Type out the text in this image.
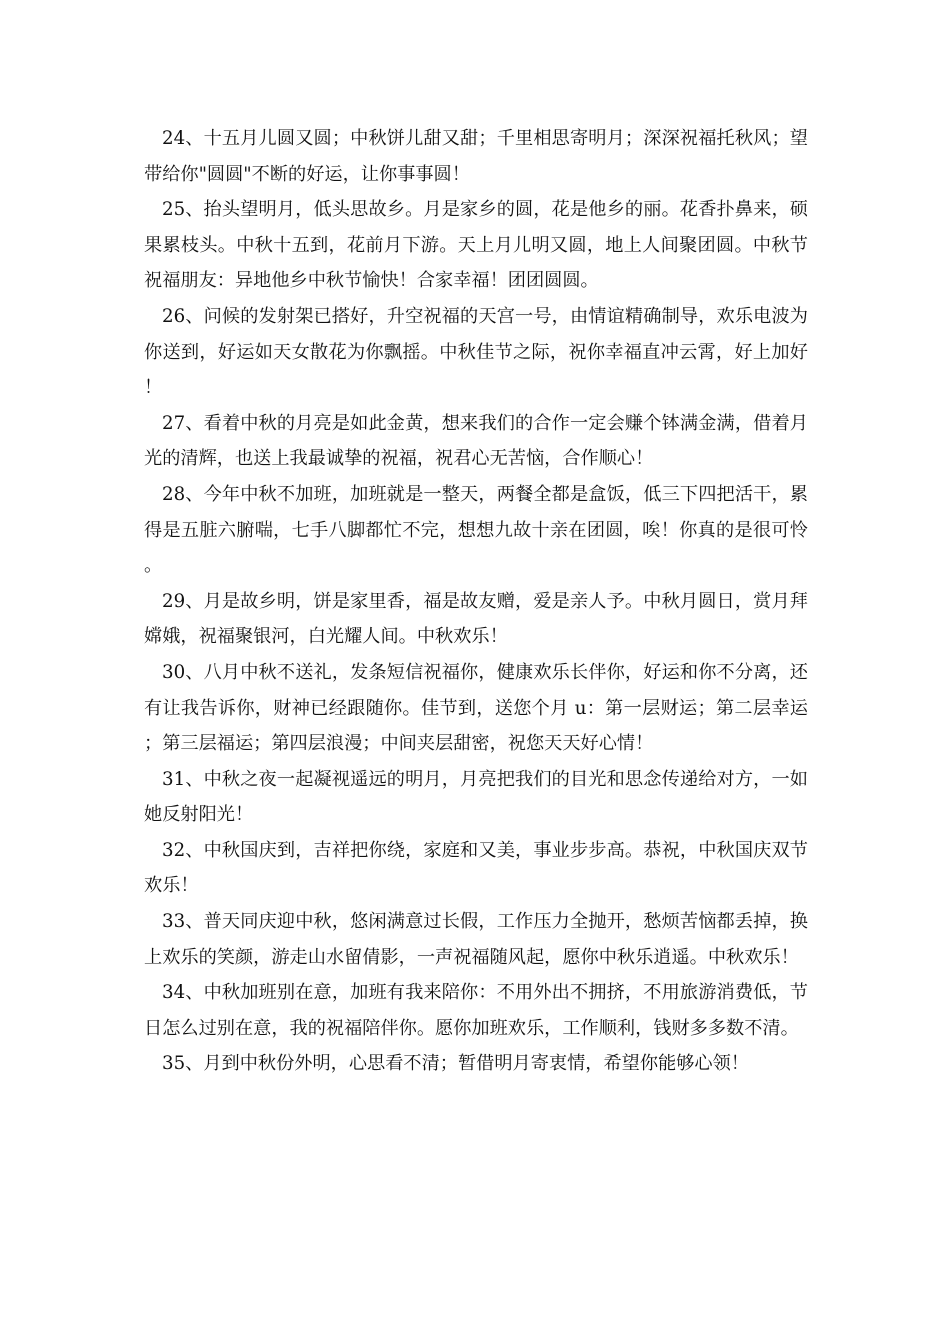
24、十五月儿圆又圆；中秋饼儿甜又甜；千里相思寄明月；深深祝福托秋风；望带给你"圆圆"不断的好运，让你事事圆！

25、抬头望明月，低头思故乡。月是家乡的圆，花是他乡的丽。花香扑鼻来，硕果累枝头。中秋十五到，花前月下游。天上月儿明又圆，地上人间聚团圆。中秋节祝福朋友：异地他乡中秋节愉快！合家幸福！团团圆圆。

26、问候的发射架已搭好，升空祝福的天宫一号，由情谊精确制导，欢乐电波为你送到，好运如天女散花为你飘摇。中秋佳节之际，祝你幸福直冲云霄，好上加好！

27、看着中秋的月亮是如此金黄，想来我们的合作一定会赚个钵满金满，借着月光的清辉，也送上我最诚挚的祝福，祝君心无苦恼，合作顺心！

28、今年中秋不加班，加班就是一整天，两餐全都是盒饭，低三下四把活干，累得是五脏六腑喘，七手八脚都忙不完，想想九故十亲在团圆，唉！你真的是很可怜。

29、月是故乡明，饼是家里香，福是故友赠，爱是亲人予。中秋月圆日，赏月拜嫦娥，祝福聚银河，白光耀人间。中秋欢乐！

30、八月中秋不送礼，发条短信祝福你，健康欢乐长伴你，好运和你不分离，还有让我告诉你，财神已经跟随你。佳节到，送您个月 u：第一层财运；第二层幸运；第三层福运；第四层浪漫；中间夹层甜密，祝您天天好心情！

31、中秋之夜一起凝视遥远的明月，月亮把我们的目光和思念传递给对方，一如她反射阳光！

32、中秋国庆到，吉祥把你绕，家庭和又美，事业步步高。恭祝，中秋国庆双节欢乐！

33、普天同庆迎中秋，悠闲满意过长假，工作压力全抛开，愁烦苦恼都丢掉，换上欢乐的笑颜，游走山水留倩影，一声祝福随风起，愿你中秋乐逍遥。中秋欢乐！

34、中秋加班别在意，加班有我来陪你：不用外出不拥挤，不用旅游消费低，节日怎么过别在意，我的祝福陪伴你。愿你加班欢乐，工作顺利，钱财多多数不清。

35、月到中秋份外明，心思看不清；暂借明月寄衷情，希望你能够心领！
